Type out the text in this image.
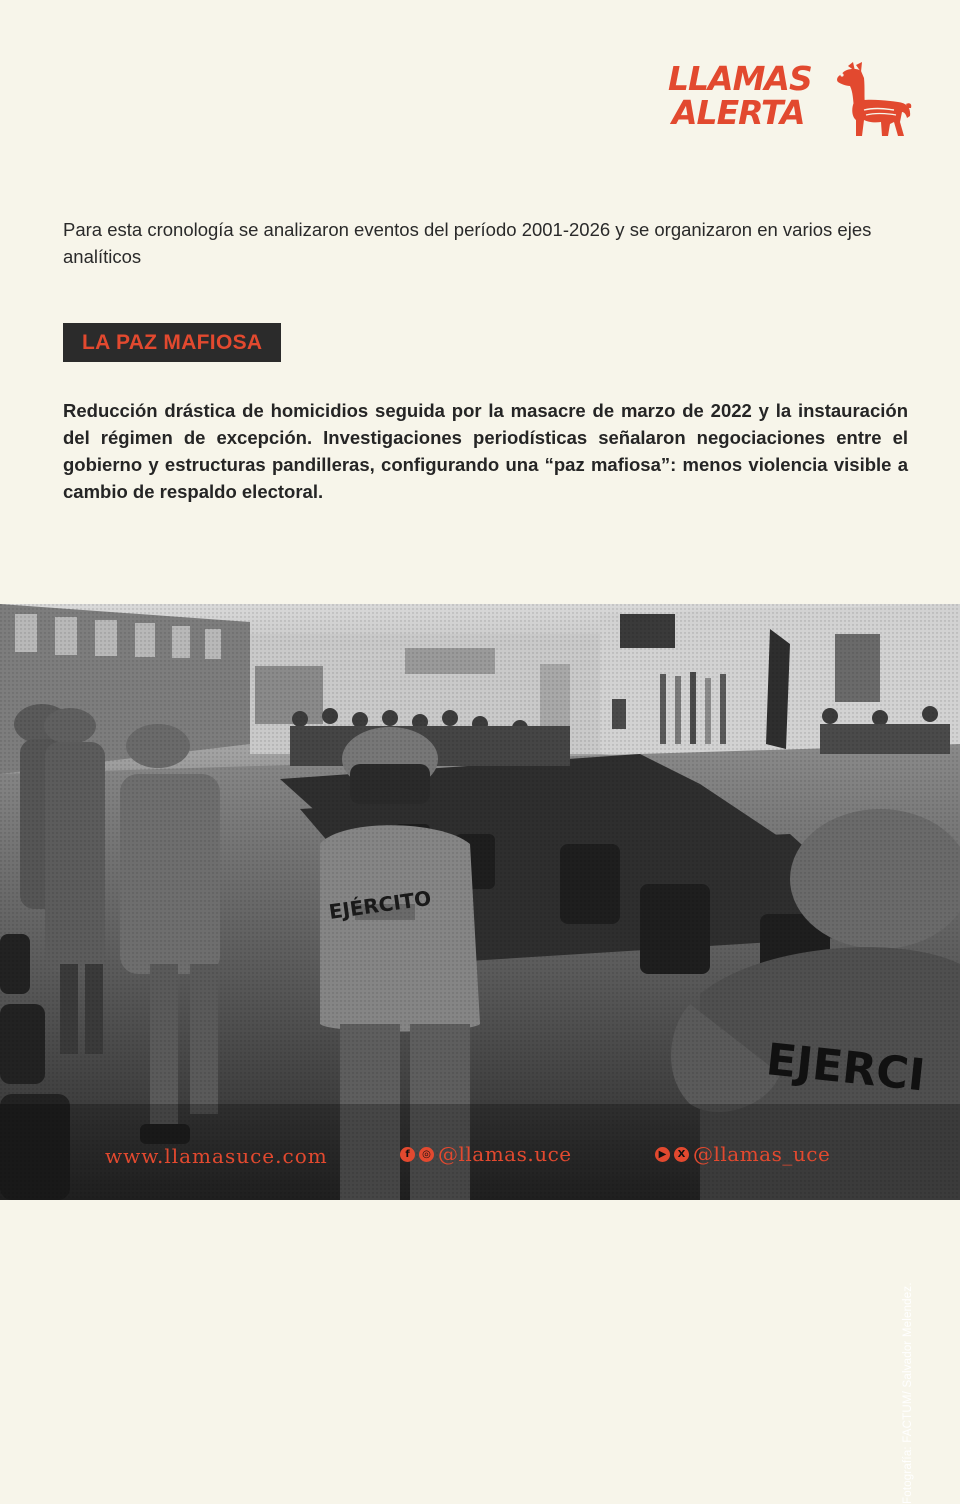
LLAMAS
ALERTA

Para esta cronología se analizaron eventos del período 2001-2026 y se organizaron en varios ejes analíticos

LA PAZ MAFIOSA

Reducción drástica de homicidios seguida por la masacre de marzo de 2022 y la instauración del régimen de excepción. Investigaciones periodísticas señalaron negociaciones entre el gobierno y estructuras pandilleras, configurando una “paz mafiosa”: menos violencia visible a cambio de respaldo electoral.

Fotografía: FACTUM/ Salvador Melendez.
www.llamasuce.com	f ◎ @llamas.uce	▶ X @llamas_uce
